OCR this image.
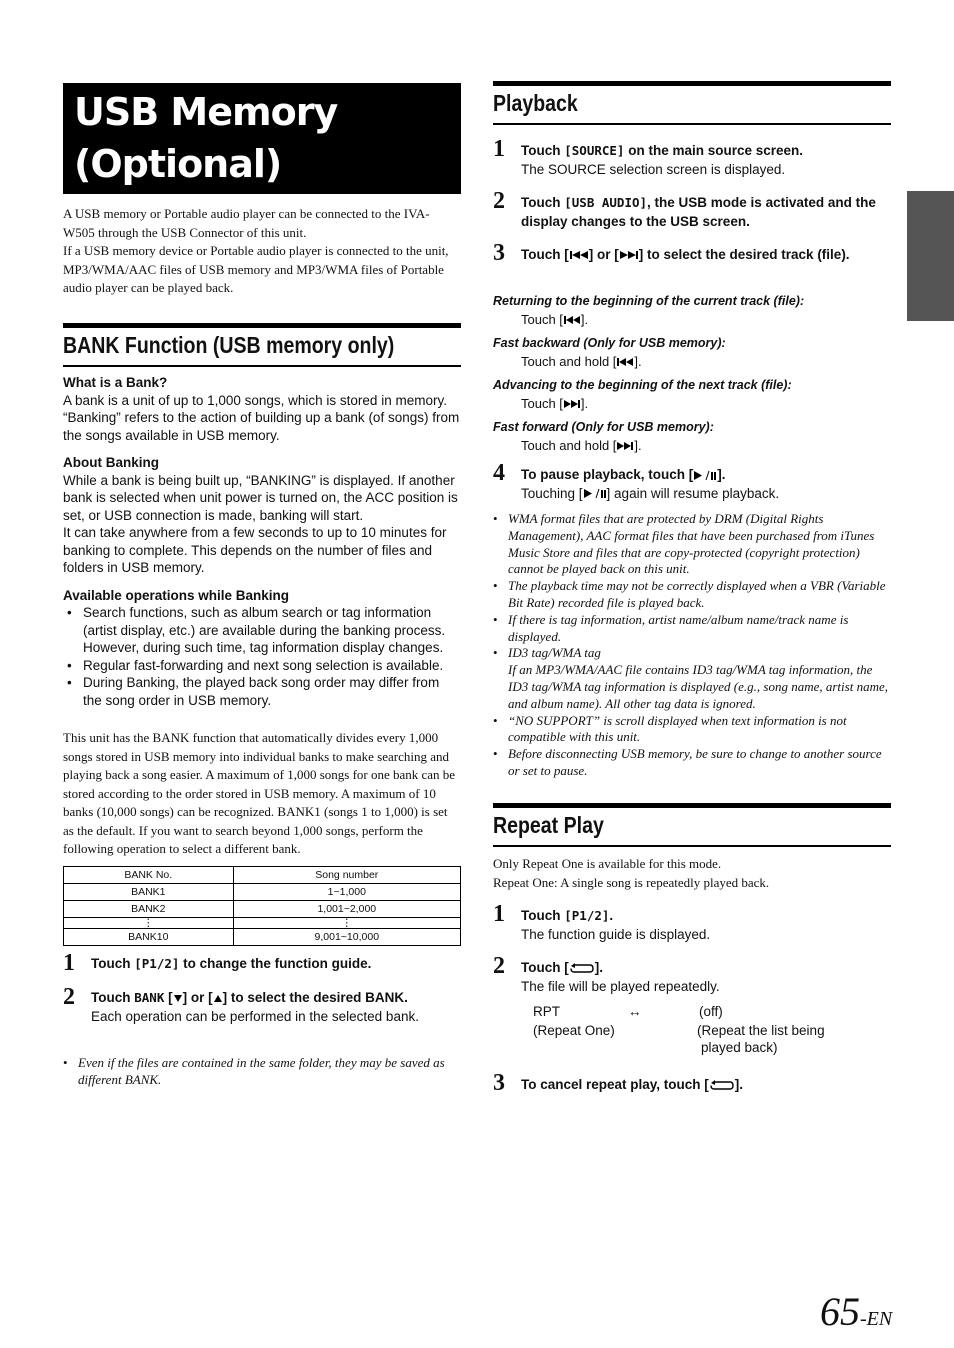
USB Memory
(Optional)
A USB memory or Portable audio player can be connected to the IVA-W505 through the USB Connector of this unit.
If a USB memory device or Portable audio player is connected to the unit, MP3/WMA/AAC files of USB memory and MP3/WMA files of Portable audio player can be played back.
BANK Function (USB memory only)
What is a Bank?
A bank is a unit of up to 1,000 songs, which is stored in memory. “Banking” refers to the action of building up a bank (of songs) from the songs available in USB memory.
About Banking
While a bank is being built up, “BANKING” is displayed. If another bank is selected when unit power is turned on, the ACC position is set, or USB connection is made, banking will start.
It can take anywhere from a few seconds to up to 10 minutes for banking to complete. This depends on the number of files and folders in USB memory.
Available operations while Banking
• Search functions, such as album search or tag information (artist display, etc.) are available during the banking process. However, during such time, tag information display changes.
• Regular fast-forwarding and next song selection is available.
• During Banking, the played back song order may differ from the song order in USB memory.
This unit has the BANK function that automatically divides every 1,000 songs stored in USB memory into individual banks to make searching and playing back a song easier. A maximum of 1,000 songs for one bank can be stored according to the order stored in USB memory. A maximum of 10 banks (10,000 songs) can be recognized. BANK1 (songs 1 to 1,000) is set as the default. If you want to search beyond 1,000 songs, perform the following operation to select a different bank.
BANK No.	Song number
BANK1	1~1,000
BANK2	1,001~2,000
⋮	⋮
BANK10	9,001~10,000
1 Touch [P1/2] to change the function guide.
2 Touch BANK [ ] or [ ] to select the desired BANK.
Each operation can be performed in the selected bank.
• Even if the files are contained in the same folder, they may be saved as different BANK.
Playback
1 Touch [SOURCE] on the main source screen.
The SOURCE selection screen is displayed.
2 Touch [USB AUDIO], the USB mode is activated and the display changes to the USB screen.
3 Touch [ ] or [ ] to select the desired track (file).
Returning to the beginning of the current track (file):
Touch [ ].
Fast backward (Only for USB memory):
Touch and hold [ ].
Advancing to the beginning of the next track (file):
Touch [ ].
Fast forward (Only for USB memory):
Touch and hold [ ].
4 To pause playback, touch [ ].
Touching [ ] again will resume playback.
• WMA format files that are protected by DRM (Digital Rights Management), AAC format files that have been purchased from iTunes Music Store and files that are copy-protected (copyright protection) cannot be played back on this unit.
• The playback time may not be correctly displayed when a VBR (Variable Bit Rate) recorded file is played back.
• If there is tag information, artist name/album name/track name is displayed.
• ID3 tag/WMA tag
If an MP3/WMA/AAC file contains ID3 tag/WMA tag information, the ID3 tag/WMA tag information is displayed (e.g., song name, artist name, and album name). All other tag data is ignored.
• “NO SUPPORT” is scroll displayed when text information is not compatible with this unit.
• Before disconnecting USB memory, be sure to change to another source or set to pause.
Repeat Play
Only Repeat One is available for this mode.
Repeat One: A single song is repeatedly played back.
1 Touch [P1/2].
The function guide is displayed.
2 Touch [ ].
The file will be played repeatedly.
RPT	↔	(off)
(Repeat One)	(Repeat the list being
played back)
3 To cancel repeat play, touch [ ].
65-EN
